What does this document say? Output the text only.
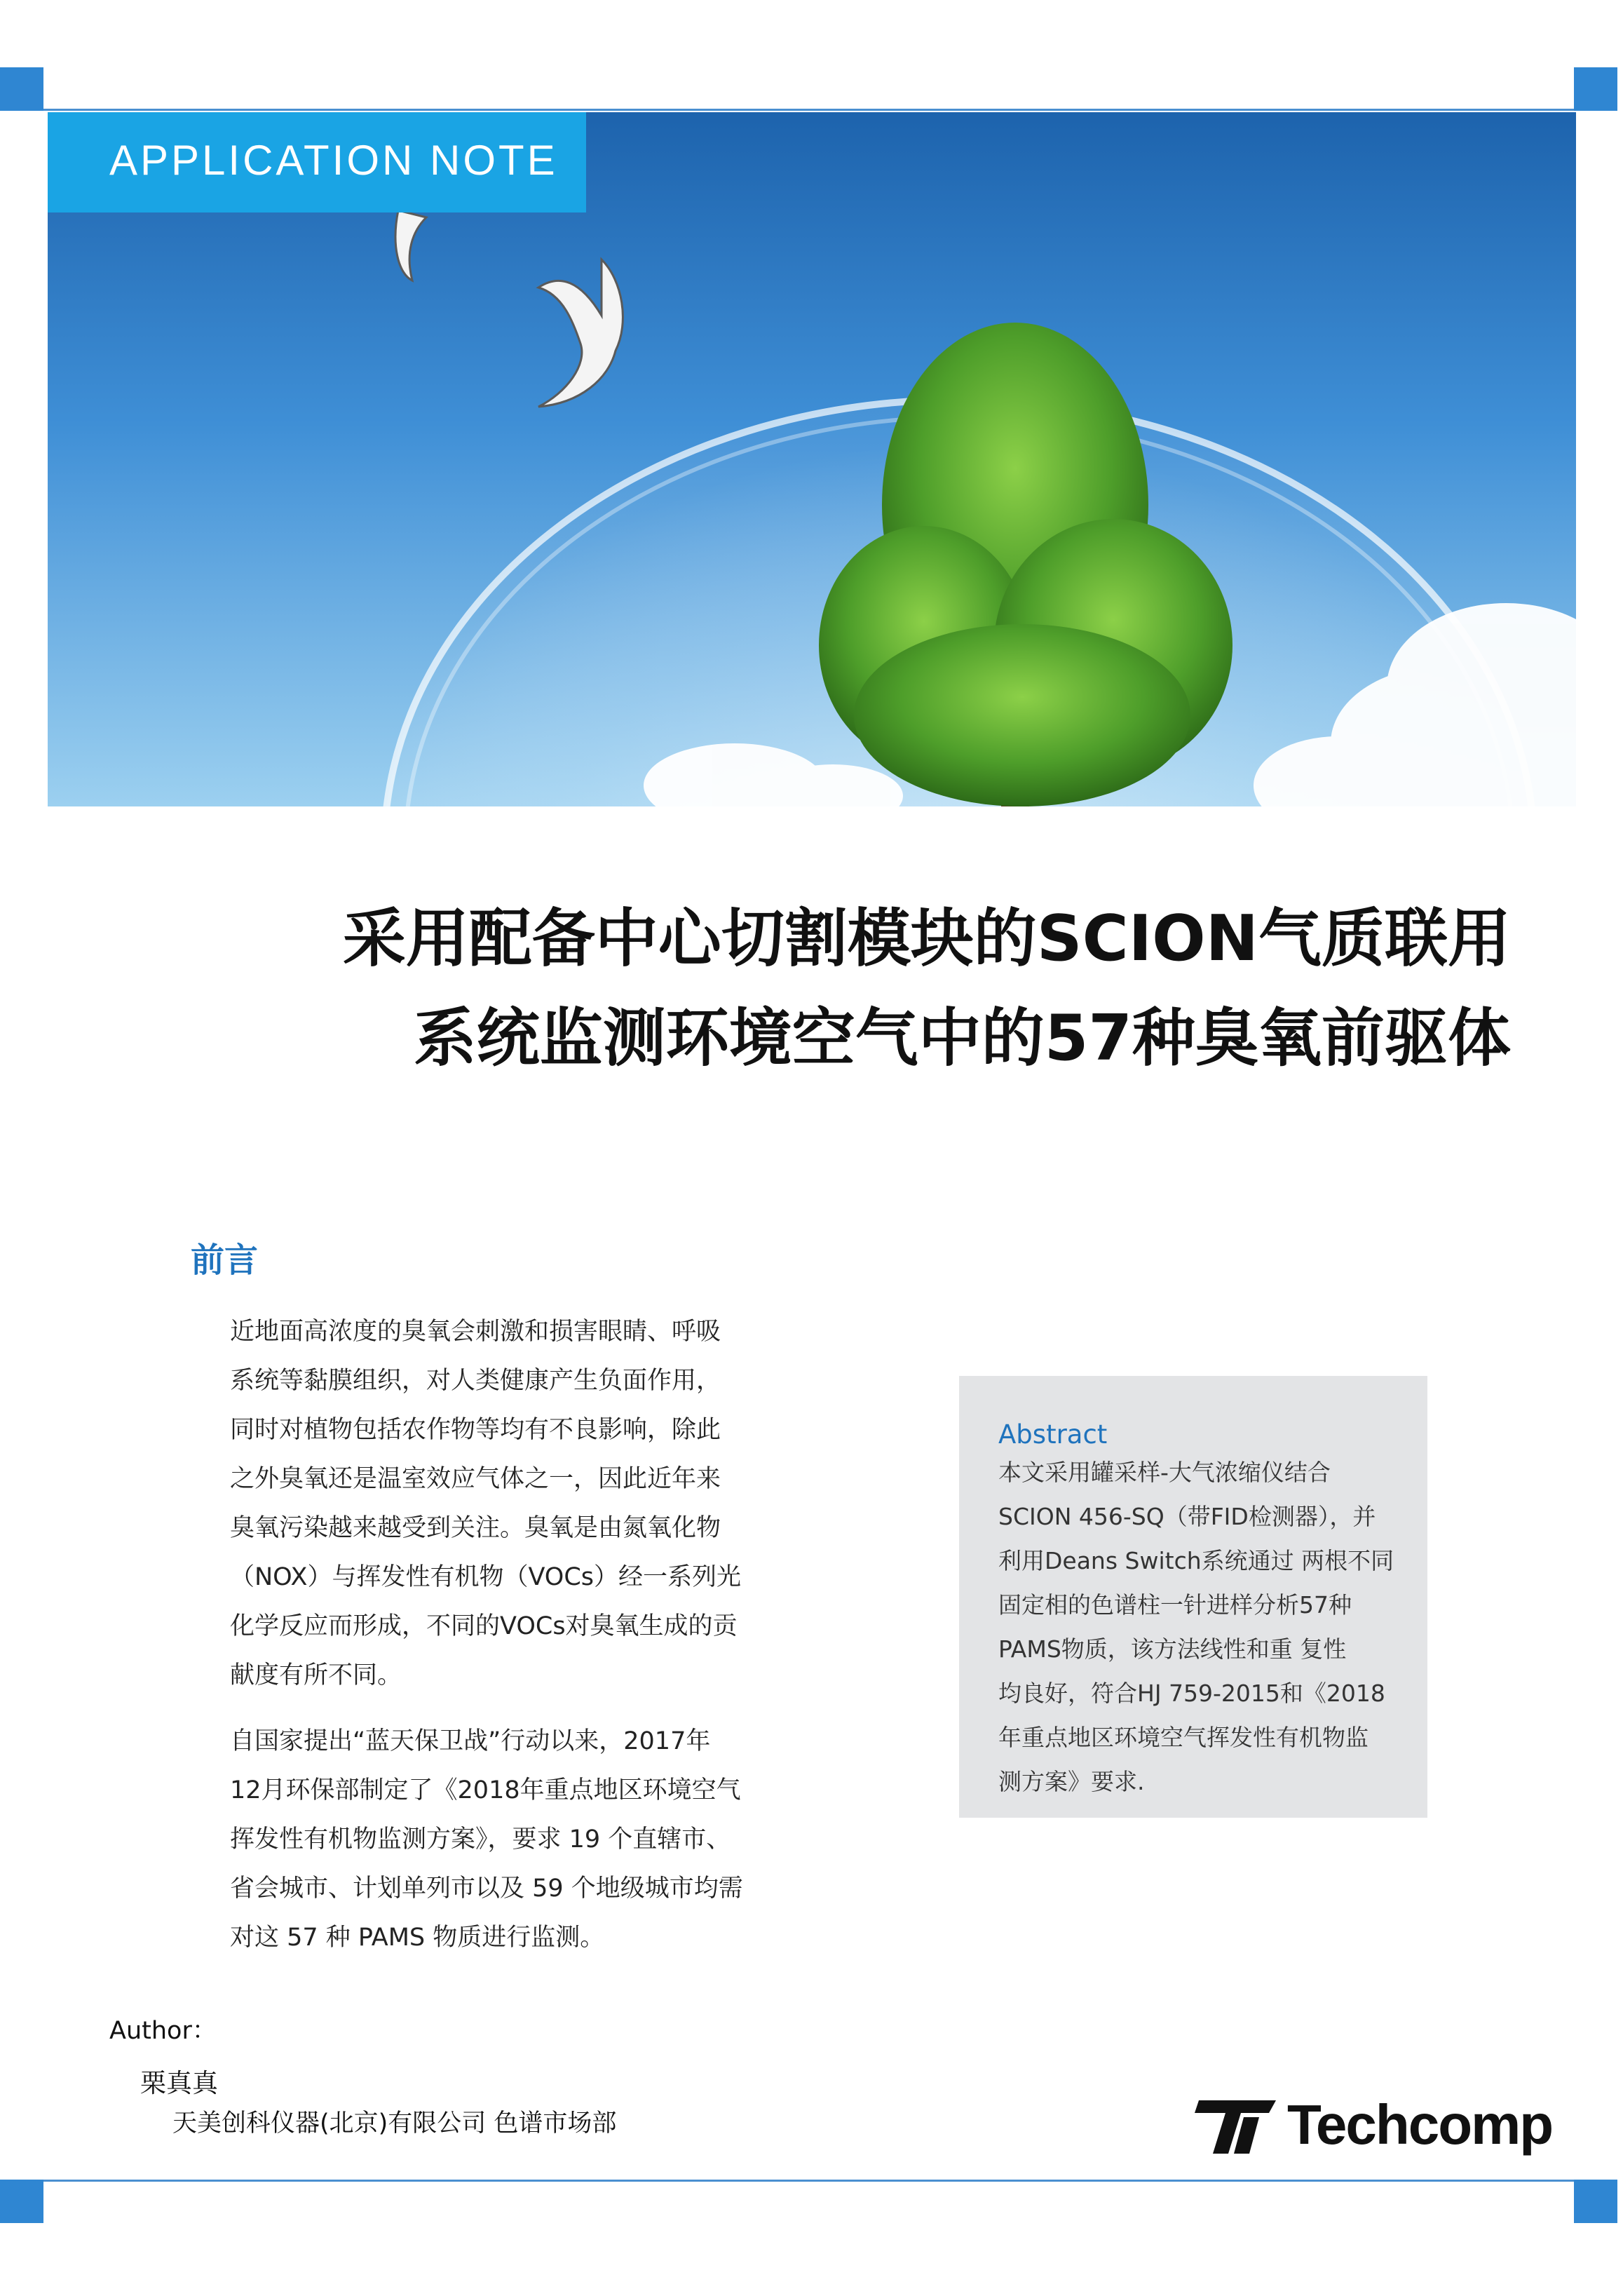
APPLICATION NOTE
采用配备中心切割模块的SCION气质联用
系统监测环境空气中的57种臭氧前驱体
前言
近地面高浓度的臭氧会刺激和损害眼睛、呼吸
系统等黏膜组织，对人类健康产生负面作用，
同时对植物包括农作物等均有不良影响，除此
之外臭氧还是温室效应气体之一，因此近年来
臭氧污染越来越受到关注。臭氧是由氮氧化物
（NOX）与挥发性有机物（VOCs）经一系列光
化学反应而形成，不同的VOCs对臭氧生成的贡
献度有所不同。
自国家提出“蓝天保卫战”行动以来，2017年
12月环保部制定了《2018年重点地区环境空气
挥发性有机物监测方案》，要求 19 个直辖市、
省会城市、计划单列市以及 59 个地级城市均需
对这 57 种 PAMS 物质进行监测。
Abstract
本文采用罐采样-大气浓缩仪结合
SCION 456-SQ（带FID检测器），并
利用Deans Switch系统通过 两根不同
固定相的色谱柱一针进样分析57种
PAMS物质，该方法线性和重 复性
均良好，符合HJ 759-2015和《2018
年重点地区环境空气挥发性有机物监
测方案》要求.
Author：
栗真真
天美创科仪器(北京)有限公司 色谱市场部	Techcomp
